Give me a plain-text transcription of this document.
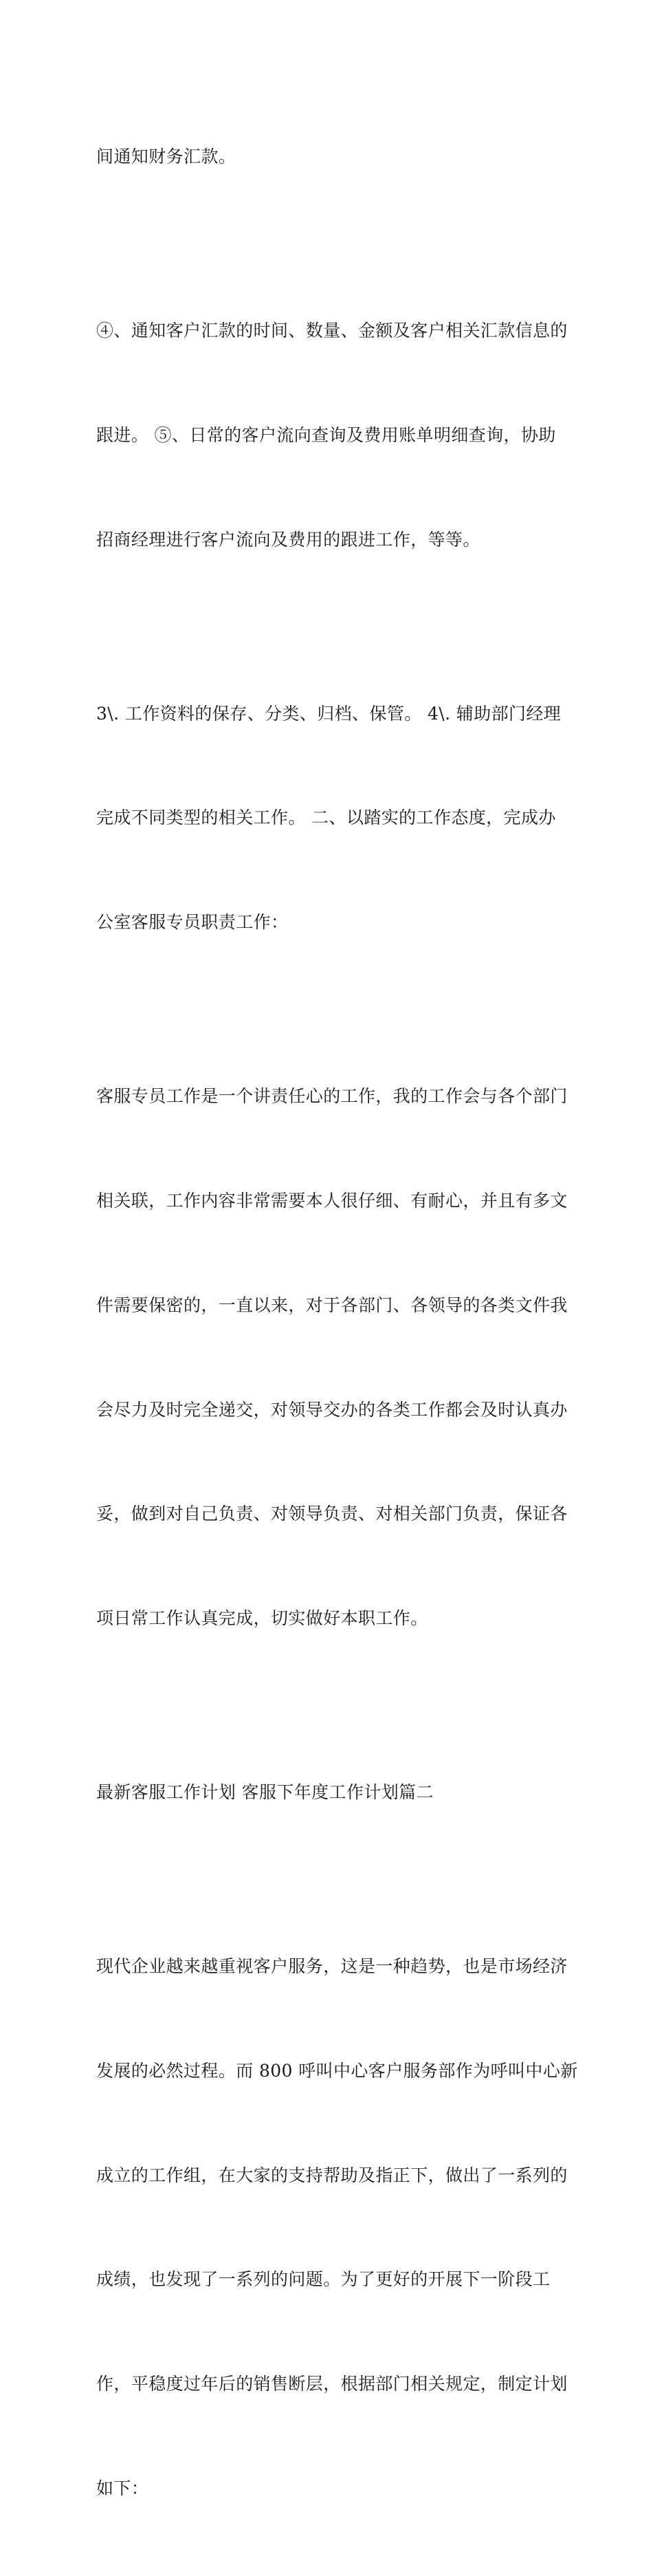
间通知财务汇款。

④、通知客户汇款的时间、数量、金额及客户相关汇款信息的

跟进。 ⑤、日常的客户流向查询及费用账单明细查询，协助

招商经理进行客户流向及费用的跟进工作，等等。

3\. 工作资料的保存、分类、归档、保管。 4\. 辅助部门经理

完成不同类型的相关工作。 二、以踏实的工作态度，完成办

公室客服专员职责工作：

客服专员工作是一个讲责任心的工作，我的工作会与各个部门

相关联，工作内容非常需要本人很仔细、有耐心，并且有多文

件需要保密的，一直以来，对于各部门、各领导的各类文件我

会尽力及时完全递交，对领导交办的各类工作都会及时认真办

妥，做到对自己负责、对领导负责、对相关部门负责，保证各

项日常工作认真完成，切实做好本职工作。

最新客服工作计划 客服下年度工作计划篇二

现代企业越来越重视客户服务，这是一种趋势，也是市场经济

发展的必然过程。而 800 呼叫中心客户服务部作为呼叫中心新

成立的工作组，在大家的支持帮助及指正下，做出了一系列的

成绩，也发现了一系列的问题。为了更好的开展下一阶段工

作，平稳度过年后的销售断层，根据部门相关规定，制定计划

如下：
